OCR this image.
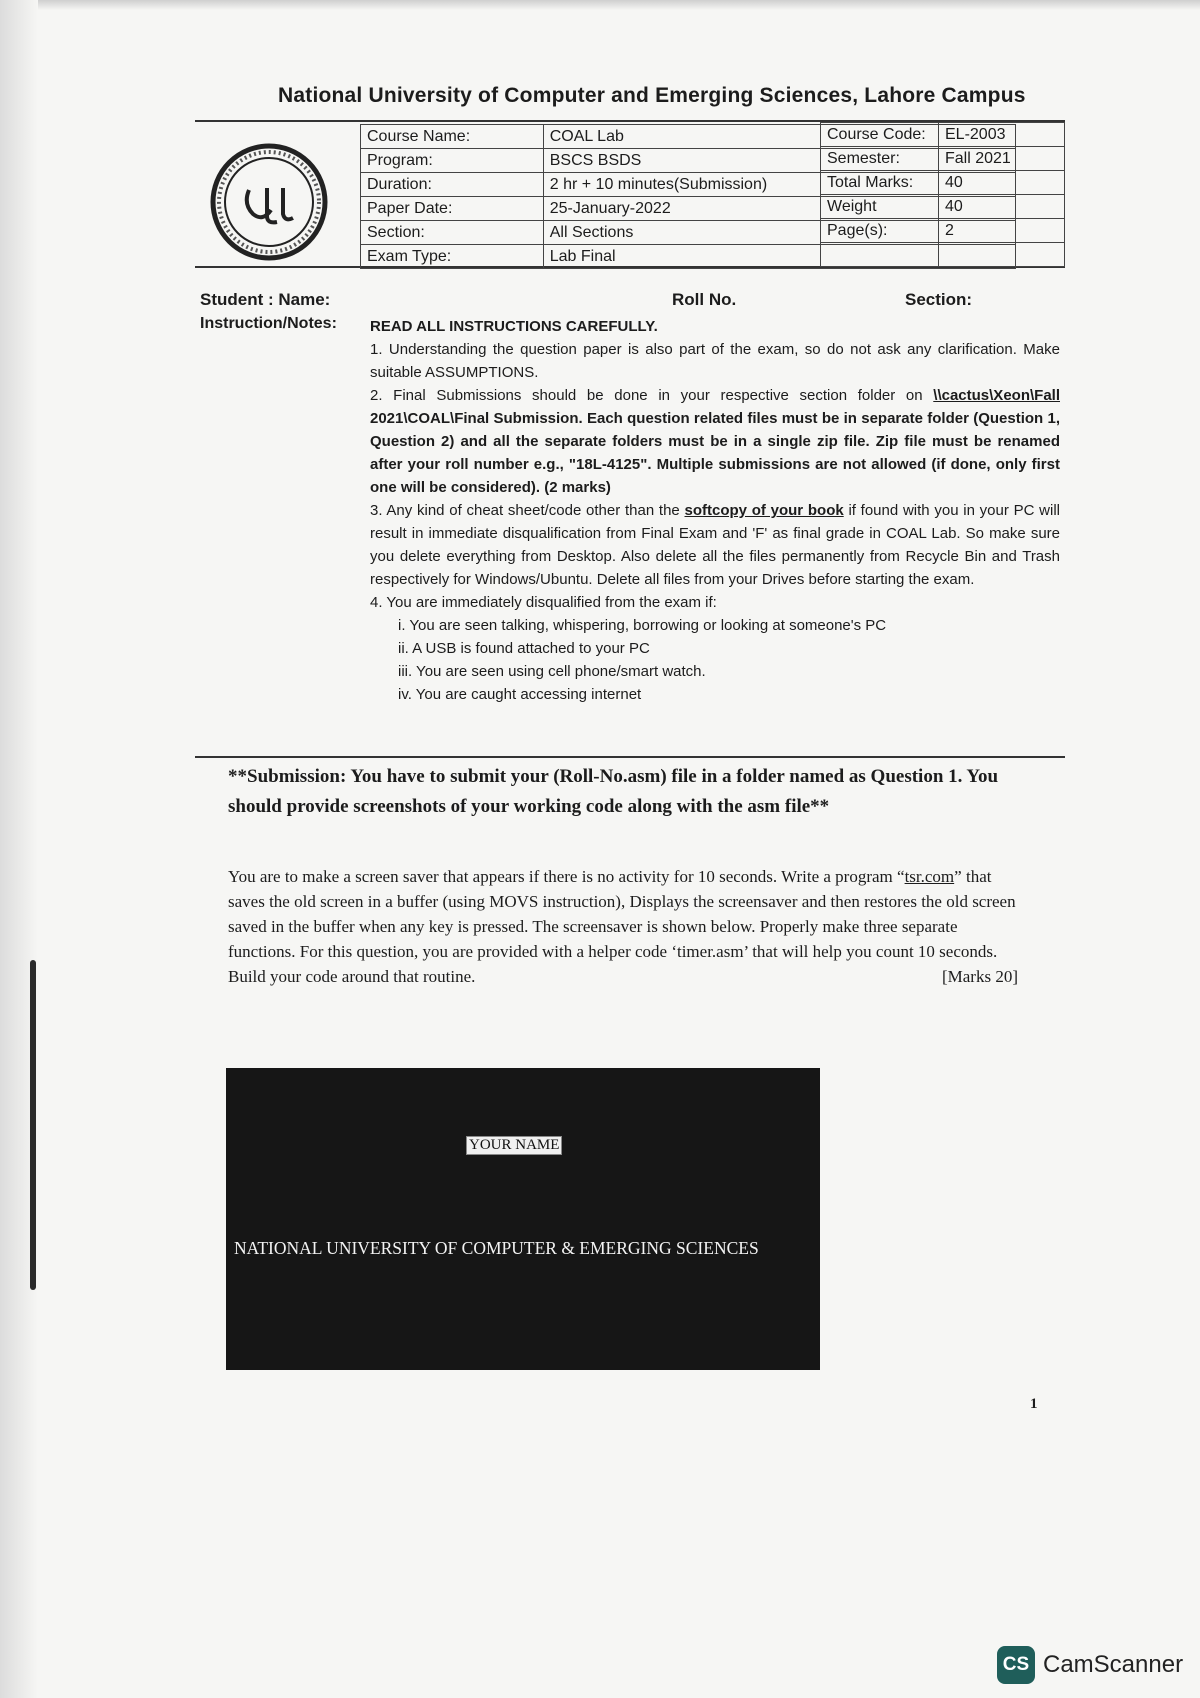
National University of Computer and Emerging Sciences, Lahore Campus
Course Name:	COAL Lab
Program:	BSCS BSDS
Duration:	2 hr + 10 minutes(Submission)
Paper Date:	25-January-2022
Section:	All Sections
Exam Type:	Lab Final
Course Code:	EL-2003
Semester:	Fall 2021
Total Marks:	40
Weight	40
Page(s):	2

Student : Name:	Roll No.	Section:
Instruction/Notes: READ ALL INSTRUCTIONS CAREFULLY.

1. Understanding the question paper is also part of the exam, so do not ask any clarification. Make suitable ASSUMPTIONS.

2. Final Submissions should be done in your respective section folder on \\cactus\Xeon\Fall 2021\COAL\Final Submission. Each question related files must be in separate folder (Question 1, Question 2) and all the separate folders must be in a single zip file. Zip file must be renamed after your roll number e.g., "18L-4125". Multiple submissions are not allowed (if done, only first one will be considered). (2 marks)

3. Any kind of cheat sheet/code other than the softcopy of your book if found with you in your PC will result in immediate disqualification from Final Exam and 'F' as final grade in COAL Lab. So make sure you delete everything from Desktop. Also delete all the files permanently from Recycle Bin and Trash respectively for Windows/Ubuntu. Delete all files from your Drives before starting the exam.

4. You are immediately disqualified from the exam if:

i. You are seen talking, whispering, borrowing or looking at someone's PC

ii. A USB is found attached to your PC

iii. You are seen using cell phone/smart watch.

iv. You are caught accessing internet

**Submission: You have to submit your (Roll-No.asm) file in a folder named as Question 1. You should provide screenshots of your working code along with the asm file**
You are to make a screen saver that appears if there is no activity for 10 seconds. Write a program “tsr.com” that saves the old screen in a buffer (using MOVS instruction), Displays the screensaver and then restores the old screen saved in the buffer when any key is pressed. The screensaver is shown below. Properly make three separate functions. For this question, you are provided with a helper code ‘timer.asm’ that will help you count 10 seconds. Build your code around that routine.	[Marks 20]
YOUR NAME
NATIONAL UNIVERSITY OF COMPUTER & EMERGING SCIENCES
1
CS CamScanner
